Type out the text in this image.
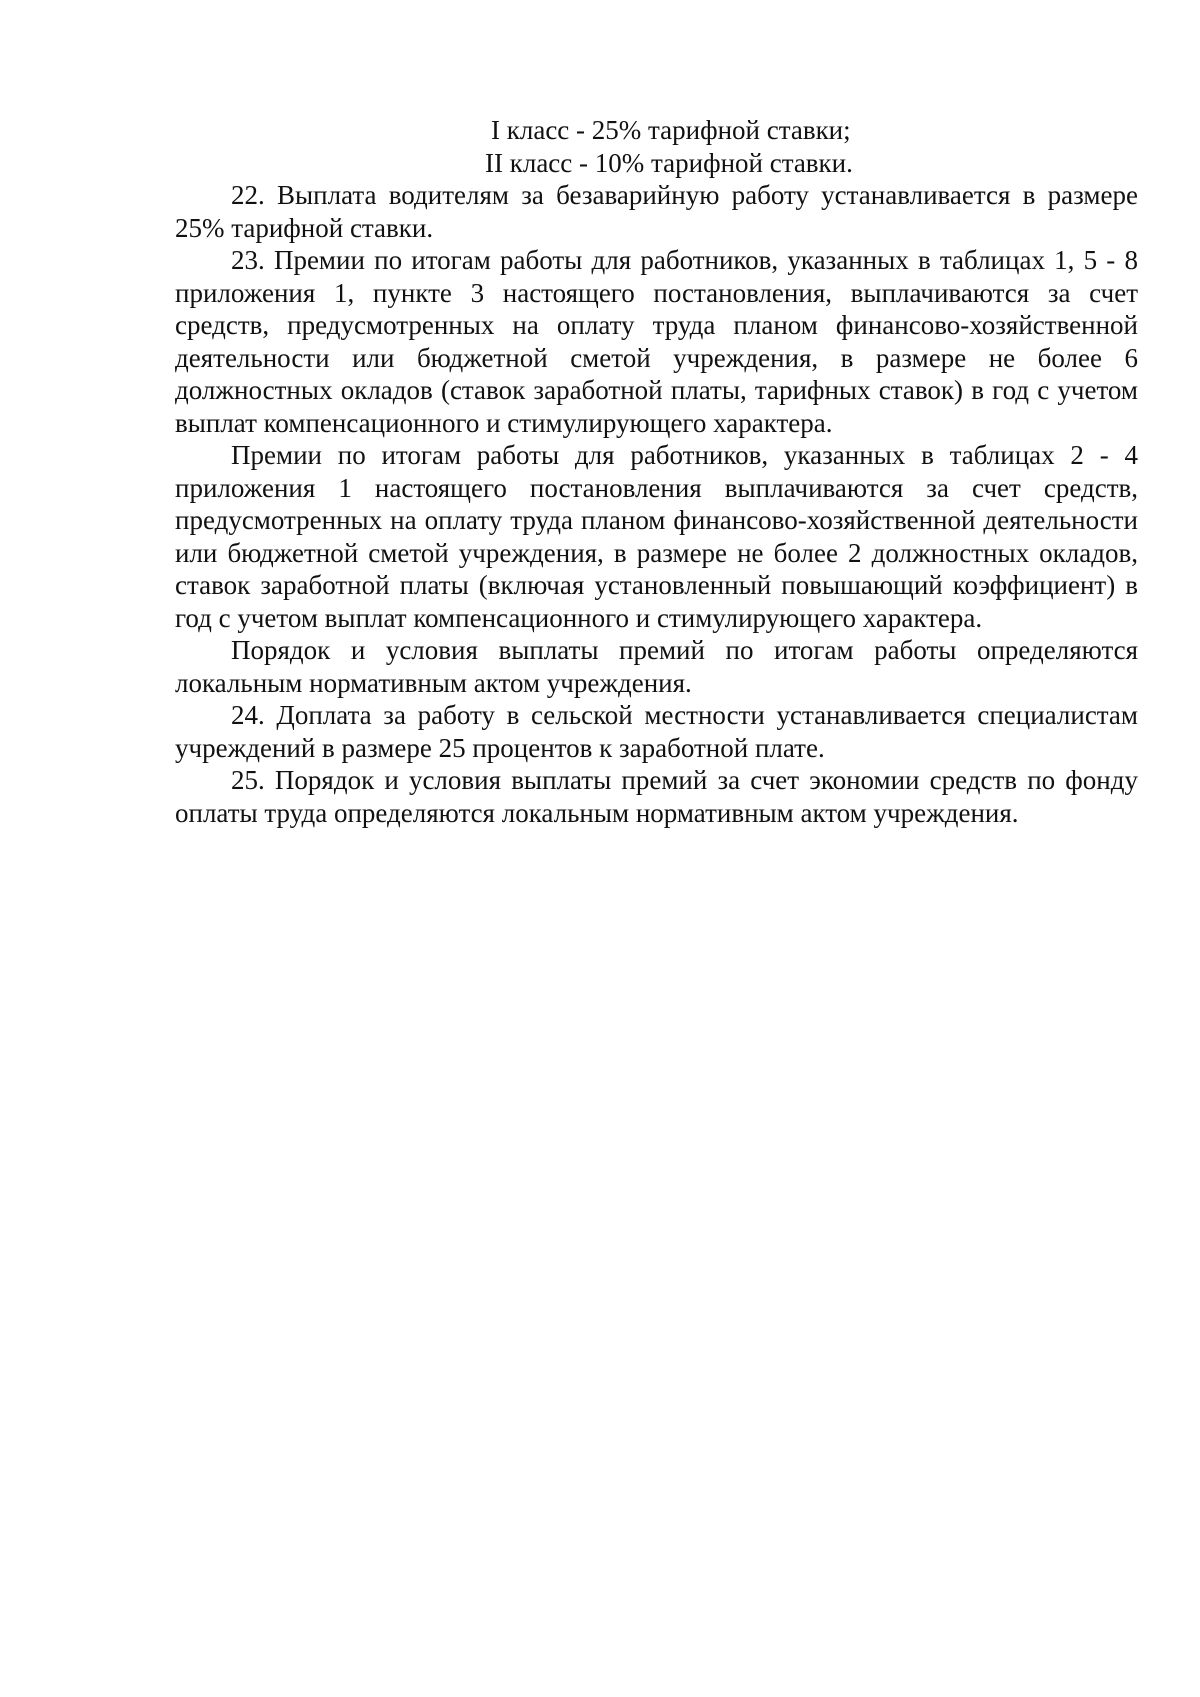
I класс - 25% тарифной ставки;

II класс - 10% тарифной ставки.

22. Выплата водителям за безаварийную работу устанавливается в размере 25% тарифной ставки.

23. Премии по итогам работы для работников, указанных в таблицах 1, 5 - 8 приложения 1, пункте 3 настоящего постановления, выплачиваются за счет средств, предусмотренных на оплату труда планом финансово-хозяйственной деятельности или бюджетной сметой учреждения, в размере не более 6 должностных окладов (ставок заработной платы, тарифных ставок) в год с учетом выплат компенсационного и стимулирующего характера.

Премии по итогам работы для работников, указанных в таблицах 2 - 4 приложения 1 настоящего постановления выплачиваются за счет средств, предусмотренных на оплату труда планом финансово-хозяйственной деятельности или бюджетной сметой учреждения, в размере не более 2 должностных окладов, ставок заработной платы (включая установленный повышающий коэффициент) в год с учетом выплат компенсационного и стимулирующего характера.

Порядок и условия выплаты премий по итогам работы определяются локальным нормативным актом учреждения.

24. Доплата за работу в сельской местности устанавливается специалистам учреждений в размере 25 процентов к заработной плате.

25. Порядок и условия выплаты премий за счет экономии средств по фонду оплаты труда определяются локальным нормативным актом учреждения.
